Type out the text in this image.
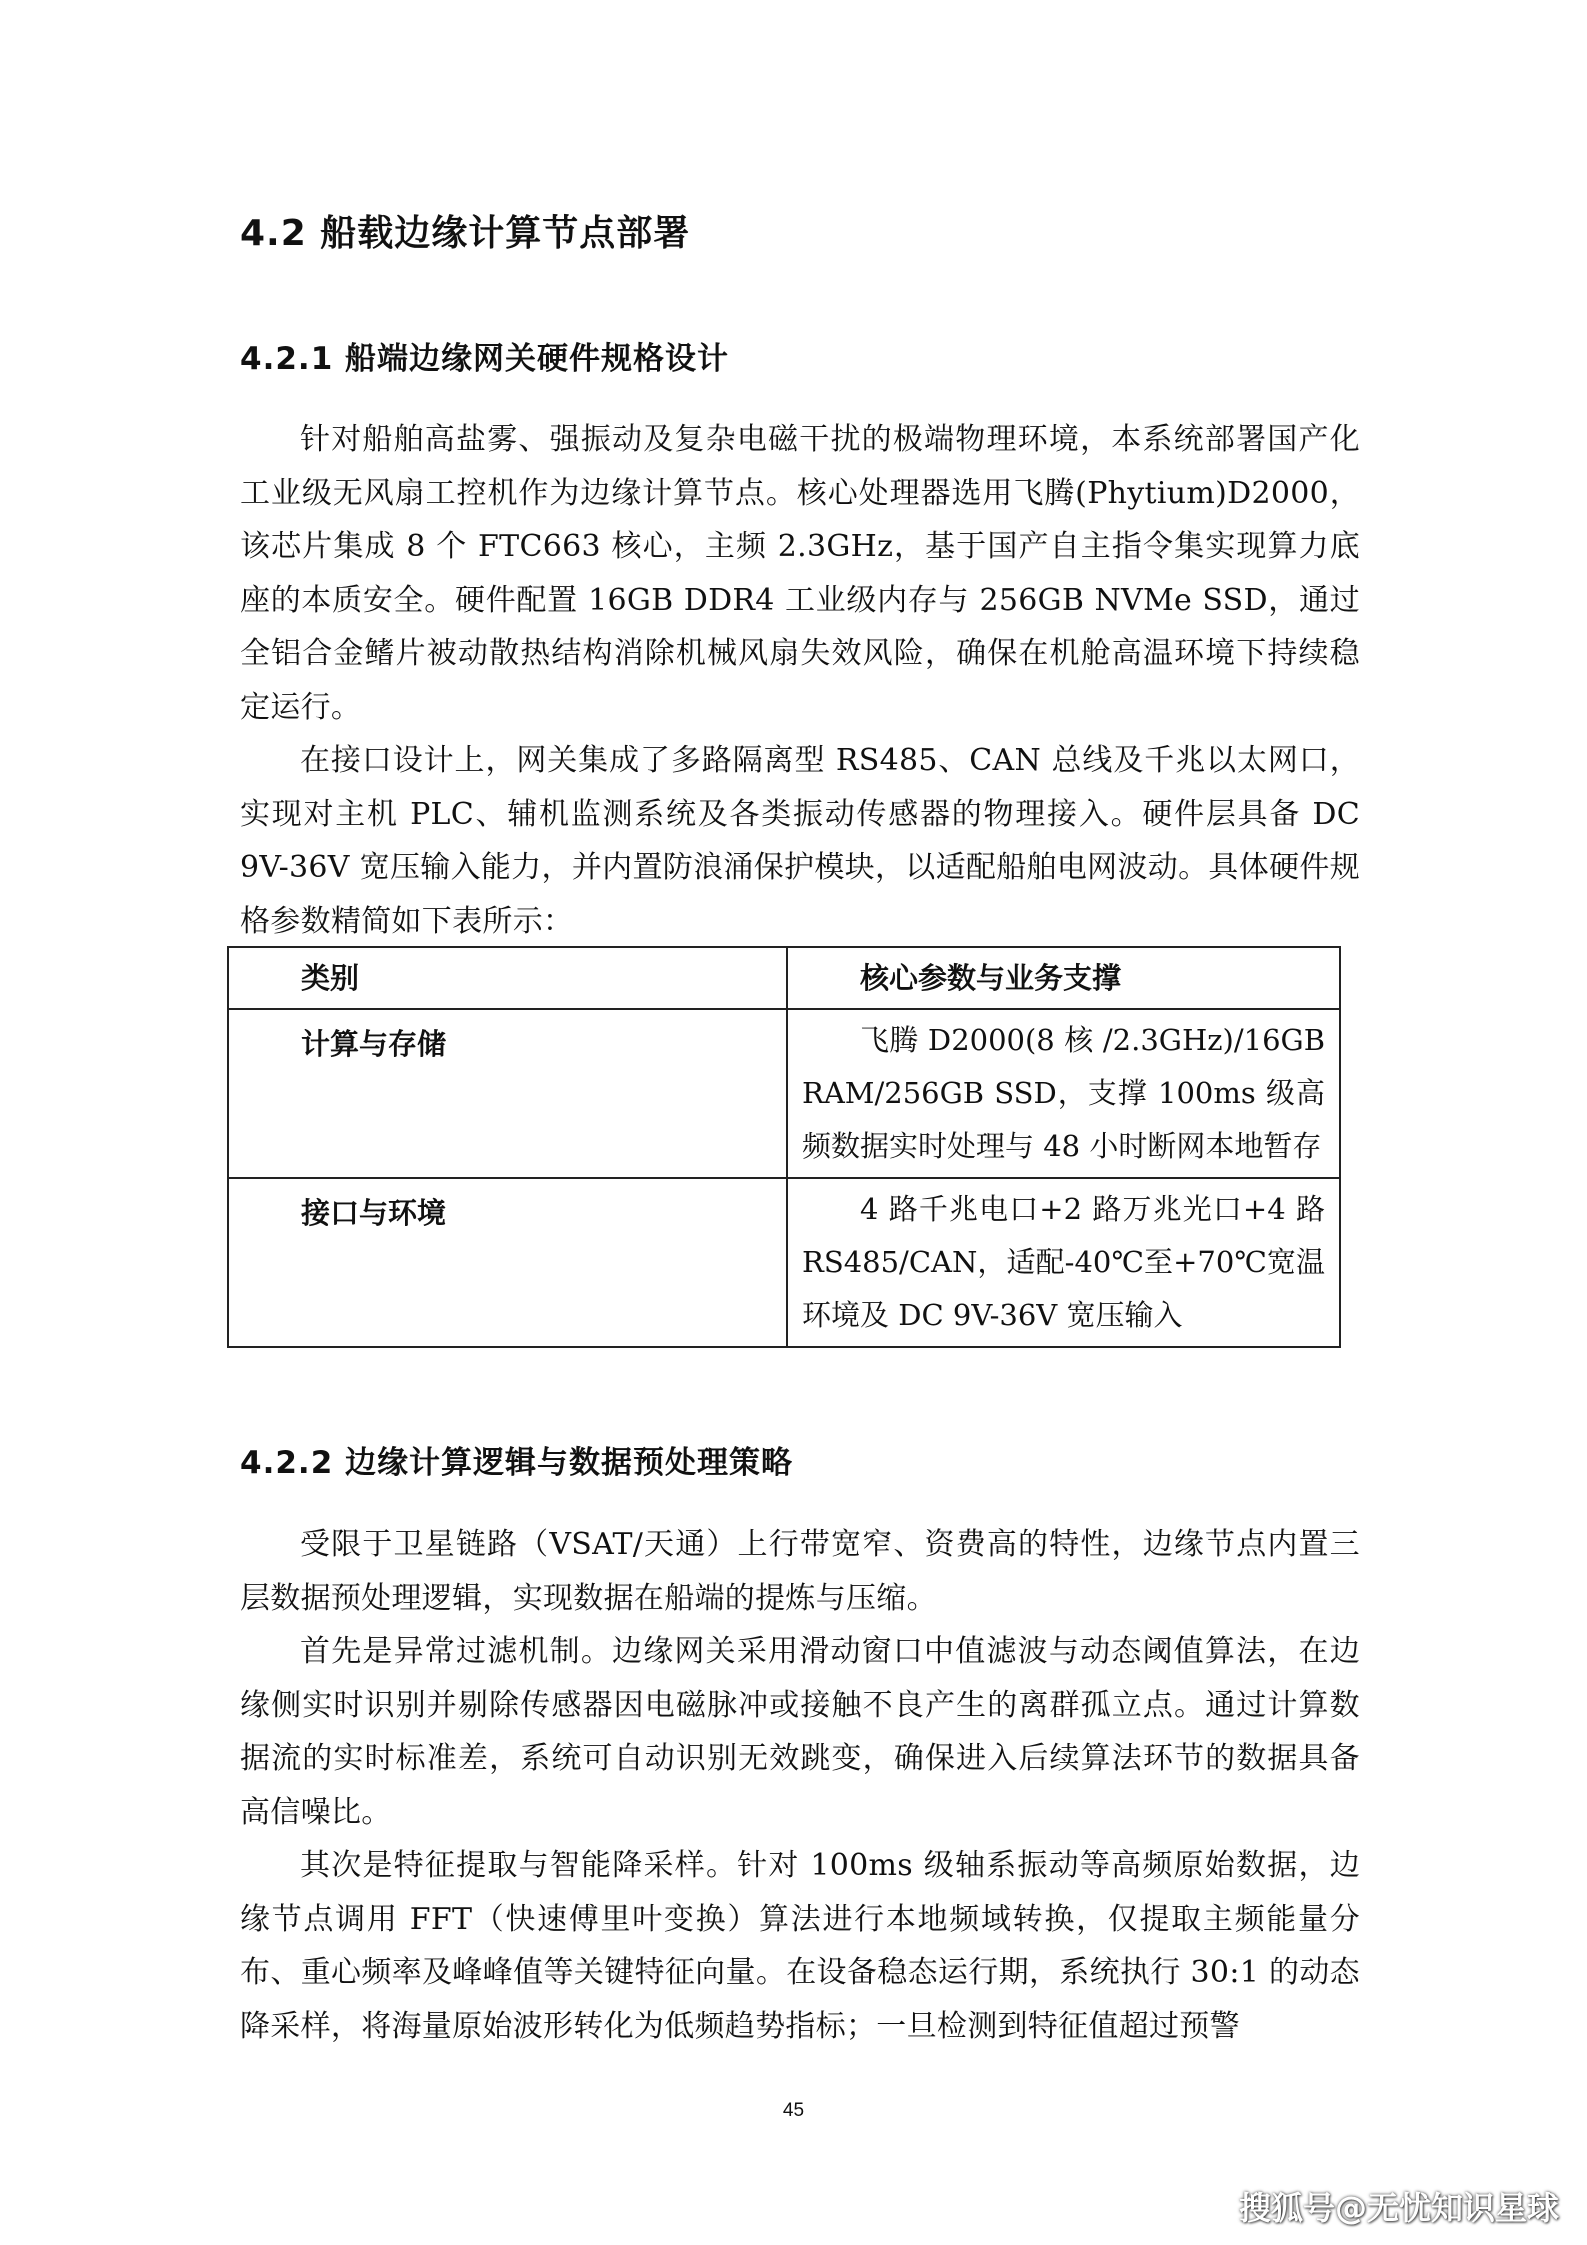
4.2 船载边缘计算节点部署
4.2.1 船端边缘网关硬件规格设计

针对船舶高盐雾、强振动及复杂电磁干扰的极端物理环境，本系统部署国产化工业级无风扇工控机作为边缘计算节点。核心处理器选用飞腾(Phytium)D2000，该芯片集成 8 个 FTC663 核心，主频 2.3GHz，基于国产自主指令集实现算力底座的本质安全。硬件配置 16GB DDR4 工业级内存与 256GB NVMe SSD，通过全铝合金鳍片被动散热结构消除机械风扇失效风险，确保在机舱高温环境下持续稳定运行。

在接口设计上，网关集成了多路隔离型 RS485、CAN 总线及千兆以太网口，实现对主机 PLC、辅机监测系统及各类振动传感器的物理接入。硬件层具备 DC 9V-36V 宽压输入能力，并内置防浪涌保护模块，以适配船舶电网波动。具体硬件规格参数精简如下表所示：

类别	核心参数与业务支撑
计算与存储	飞腾 D2000(8 核 /2.3GHz)/16GB RAM/256GB SSD，支撑 100ms 级高频数据实时处理与 48 小时断网本地暂存
接口与环境	4 路千兆电口+2 路万兆光口+4 路 RS485/CAN，适配-40℃至+70℃宽温环境及 DC 9V-36V 宽压输入
4.2.2 边缘计算逻辑与数据预处理策略

受限于卫星链路（VSAT/天通）上行带宽窄、资费高的特性，边缘节点内置三层数据预处理逻辑，实现数据在船端的提炼与压缩。

首先是异常过滤机制。边缘网关采用滑动窗口中值滤波与动态阈值算法，在边缘侧实时识别并剔除传感器因电磁脉冲或接触不良产生的离群孤立点。通过计算数据流的实时标准差，系统可自动识别无效跳变，确保进入后续算法环节的数据具备高信噪比。

其次是特征提取与智能降采样。针对 100ms 级轴系振动等高频原始数据，边缘节点调用 FFT（快速傅里叶变换）算法进行本地频域转换，仅提取主频能量分布、重心频率及峰峰值等关键特征向量。在设备稳态运行期，系统执行 30:1 的动态降采样，将海量原始波形转化为低频趋势指标；一旦检测到特征值超过预警

45
搜狐号@无忧知识星球
